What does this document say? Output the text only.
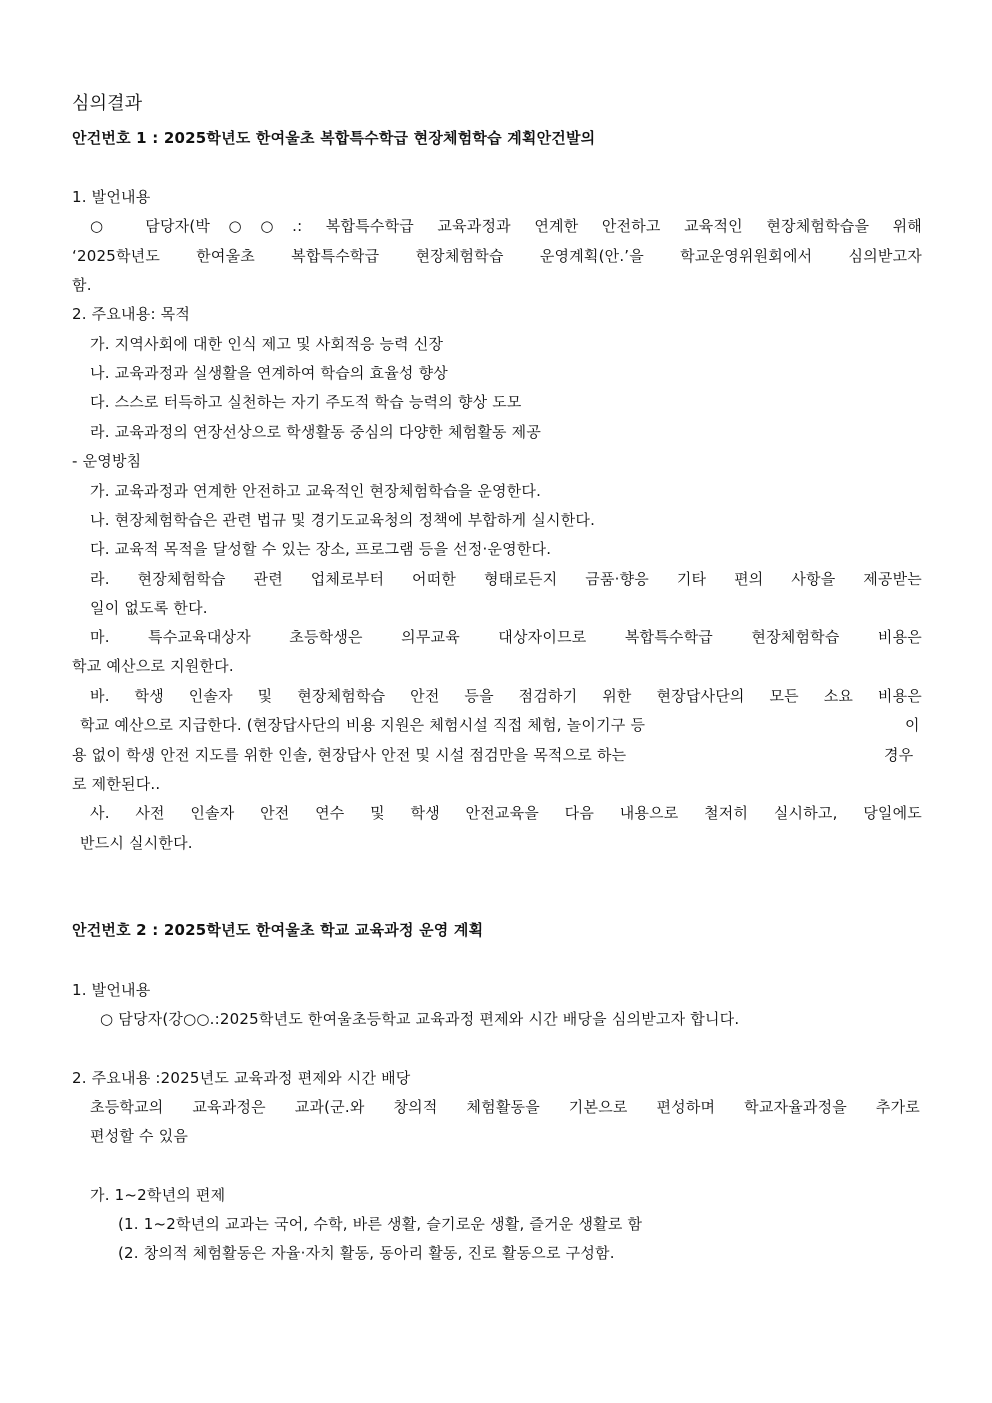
심의결과
안건번호 1 : 2025학년도 한여울초 복합특수학급 현장체험학습 계획안건발의
1. 발언내용
○ 담당자(박○○.: 복합특수학급 교육과정과 연계한 안전하고 교육적인 현장체험학습을 위해
‘2025학년도 한여울초 복합특수학급 현장체험학습 운영계획(안.’을 학교운영위원회에서 심의받고자
함.
2. 주요내용: 목적
가. 지역사회에 대한 인식 제고 및 사회적응 능력 신장
나. 교육과정과 실생활을 연계하여 학습의 효율성 향상
다. 스스로 터득하고 실천하는 자기 주도적 학습 능력의 향상 도모
라. 교육과정의 연장선상으로 학생활동 중심의 다양한 체험활동 제공
- 운영방침
가. 교육과정과 연계한 안전하고 교육적인 현장체험학습을 운영한다.
나. 현장체험학습은 관련 법규 및 경기도교육청의 정책에 부합하게 실시한다.
다. 교육적 목적을 달성할 수 있는 장소, 프로그램 등을 선정·운영한다.
라. 현장체험학습 관련 업체로부터 어떠한 형태로든지 금품·향응 기타 편의 사항을 제공받는
일이 없도록 한다.
마. 특수교육대상자 초등학생은 의무교육 대상자이므로 복합특수학급 현장체험학습 비용은
학교 예산으로 지원한다.
바. 학생 인솔자 및 현장체험학습 안전 등을 점검하기 위한 현장답사단의 모든 소요 비용은
학교 예산으로 지급한다. (현장답사단의 비용 지원은 체험시설 직접 체험, 놀이기구 등	이
용 없이 학생 안전 지도를 위한 인솔, 현장답사 안전 및 시설 점검만을 목적으로 하는	경우
로 제한된다..
사. 사전 인솔자 안전 연수 및 학생 안전교육을 다음 내용으로 철저히 실시하고, 당일에도
반드시 실시한다.
안건번호 2 : 2025학년도 한여울초 학교 교육과정 운영 계획
1. 발언내용
○ 담당자(강○○.:2025학년도 한여울초등학교 교육과정 편제와 시간 배당을 심의받고자 합니다.
2. 주요내용 :2025년도 교육과정 편제와 시간 배당
초등학교의 교육과정은 교과(군.와 창의적 체험활동을 기본으로 편성하며 학교자율과정을 추가로
편성할 수 있음
가. 1~2학년의 편제
(1. 1~2학년의 교과는 국어, 수학, 바른 생활, 슬기로운 생활, 즐거운 생활로 함
(2. 창의적 체험활동은 자율·자치 활동, 동아리 활동, 진로 활동으로 구성함.
